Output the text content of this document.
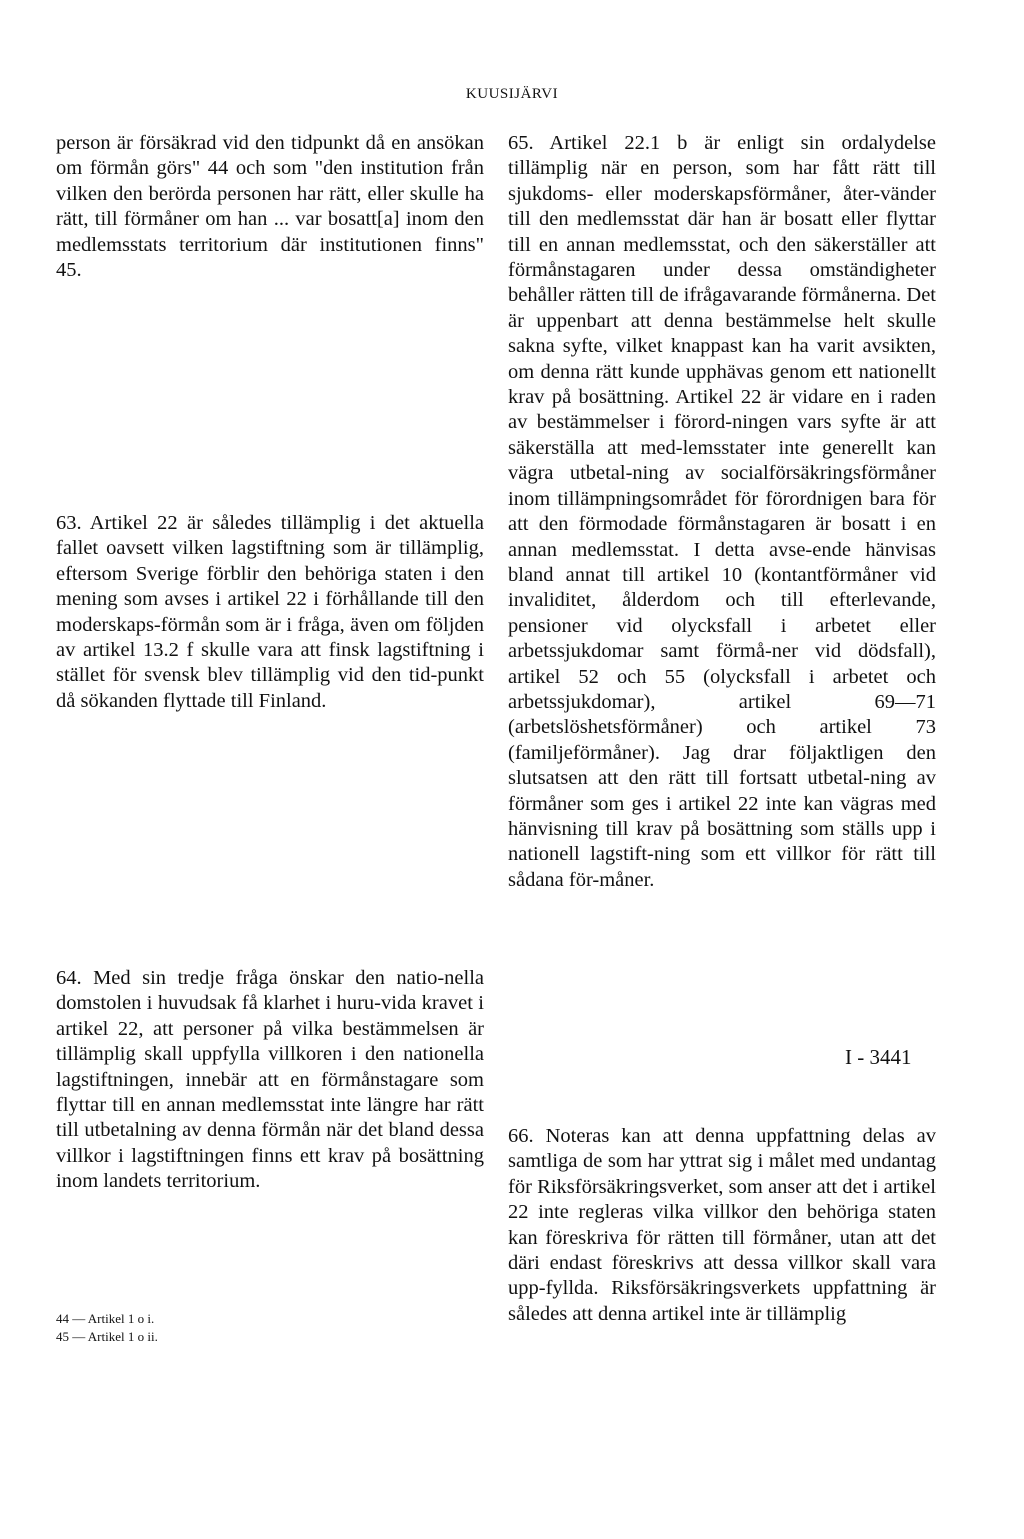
KUUSIJÄRVI

person är försäkrad vid den tidpunkt då en ansökan om förmån görs" 44 och som "den institution från vilken den berörda personen har rätt, eller skulle ha rätt, till förmåner om han ... var bosatt[a] inom den medlemsstats territorium där institutionen finns" 45.

63. Artikel 22 är således tillämplig i det aktuella fallet oavsett vilken lagstiftning som är tillämplig, eftersom Sverige förblir den behöriga staten i den mening som avses i artikel 22 i förhållande till den moderskaps-förmån som är i fråga, även om följden av artikel 13.2 f skulle vara att finsk lagstiftning i stället för svensk blev tillämplig vid den tid-punkt då sökanden flyttade till Finland.

64. Med sin tredje fråga önskar den natio-nella domstolen i huvudsak få klarhet i huru-vida kravet i artikel 22, att personer på vilka bestämmelsen är tillämplig skall uppfylla villkoren i den nationella lagstiftningen, innebär att en förmånstagare som flyttar till en annan medlemsstat inte längre har rätt till utbetalning av denna förmån när det bland dessa villkor i lagstiftningen finns ett krav på bosättning inom landets territorium.

65. Artikel 22.1 b är enligt sin ordalydelse tillämplig när en person, som har fått rätt till sjukdoms- eller moderskapsförmåner, åter-vänder till den medlemsstat där han är bosatt eller flyttar till en annan medlemsstat, och den säkerställer att förmånstagaren under dessa omständigheter behåller rätten till de ifrågavarande förmånerna. Det är uppenbart att denna bestämmelse helt skulle sakna syfte, vilket knappast kan ha varit avsikten, om denna rätt kunde upphävas genom ett nationellt krav på bosättning. Artikel 22 är vidare en i raden av bestämmelser i förord-ningen vars syfte är att säkerställa att med-lemsstater inte generellt kan vägra utbetal-ning av socialförsäkringsförmåner inom tillämpningsområdet för förordnigen bara för att den förmodade förmånstagaren är bosatt i en annan medlemsstat. I detta avse-ende hänvisas bland annat till artikel 10 (kontantförmåner vid invaliditet, ålderdom och till efterlevande, pensioner vid olycksfall i arbetet eller arbetssjukdomar samt förmå-ner vid dödsfall), artikel 52 och 55 (olycksfall i arbetet och arbetssjukdomar), artikel 69—71 (arbetslöshetsförmåner) och artikel 73 (familjeförmåner). Jag drar följaktligen den slutsatsen att den rätt till fortsatt utbetal-ning av förmåner som ges i artikel 22 inte kan vägras med hänvisning till krav på bosättning som ställs upp i nationell lagstift-ning som ett villkor för rätt till sådana för-måner.

66. Noteras kan att denna uppfattning delas av samtliga de som har yttrat sig i målet med undantag för Riksförsäkringsverket, som anser att det i artikel 22 inte regleras vilka villkor den behöriga staten kan föreskriva för rätten till förmåner, utan att det däri endast föreskrivs att dessa villkor skall vara upp-fyllda. Riksförsäkringsverkets uppfattning är således att denna artikel inte är tillämplig

44 — Artikel 1 o i.
45 — Artikel 1 o ii.
I - 3441
